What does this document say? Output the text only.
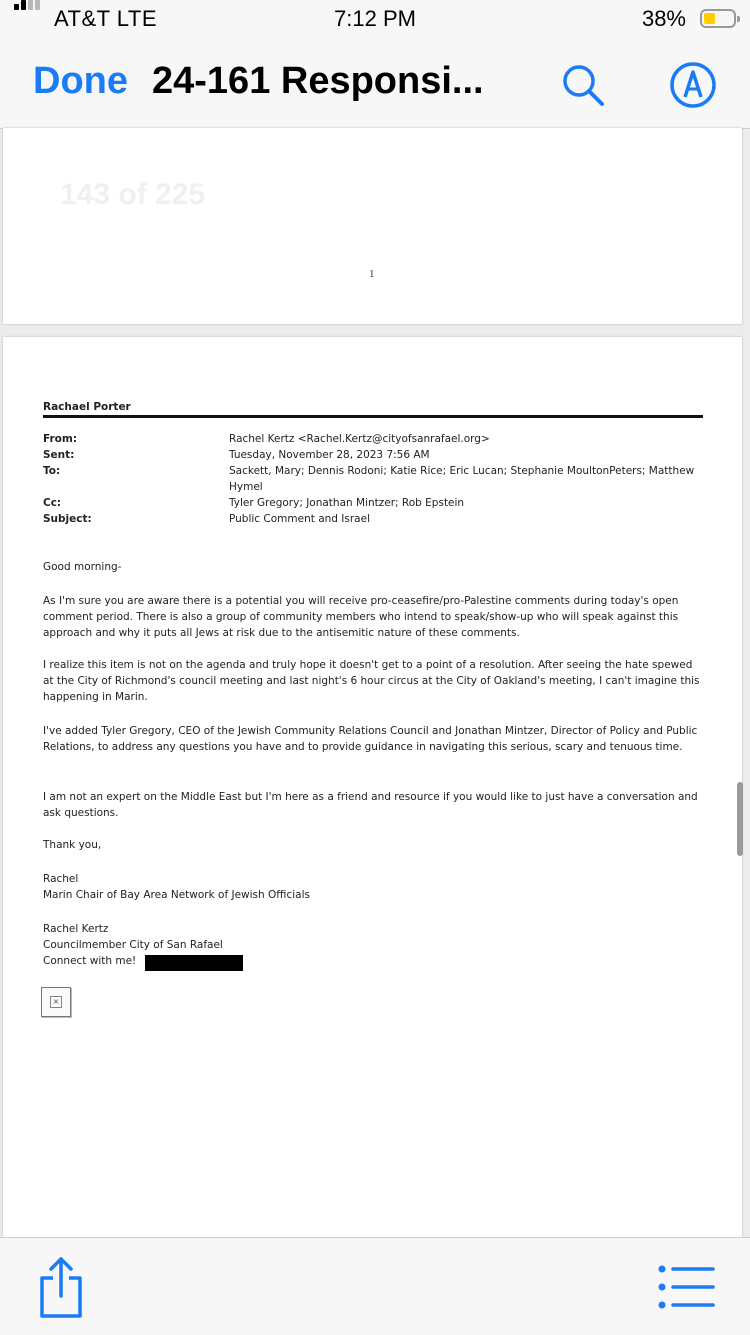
AT&T LTE	7:12 PM	38%
Done 24-161 Responsi...
143 of 225
1
Rachael Porter
From:
Sent:
To:
Cc:
Subject:
Rachel Kertz <Rachel.Kertz@cityofsanrafael.org>
Tuesday, November 28, 2023 7:56 AM
Sackett, Mary; Dennis Rodoni; Katie Rice; Eric Lucan; Stephanie MoultonPeters; Matthew Hymel
Tyler Gregory; Jonathan Mintzer; Rob Epstein
Public Comment and Israel
Good morning-
As I'm sure you are aware there is a potential you will receive pro-ceasefire/pro-Palestine comments during today's open comment period. There is also a group of community members who intend to speak/show-up who will speak against this approach and why it puts all Jews at risk due to the antisemitic nature of these comments.
I realize this item is not on the agenda and truly hope it doesn't get to a point of a resolution. After seeing the hate spewed at the City of Richmond's council meeting and last night's 6 hour circus at the City of Oakland's meeting, I can't imagine this happening in Marin.
I've added Tyler Gregory, CEO of the Jewish Community Relations Council and Jonathan Mintzer, Director of Policy and Public Relations, to address any questions you have and to provide guidance in navigating this serious, scary and tenuous time.
I am not an expert on the Middle East but I'm here as a friend and resource if you would like to just have a conversation and ask questions.
Thank you,
Rachel
Marin Chair of Bay Area Network of Jewish Officials
Rachel Kertz
Councilmember City of San Rafael
Connect with me!
×
